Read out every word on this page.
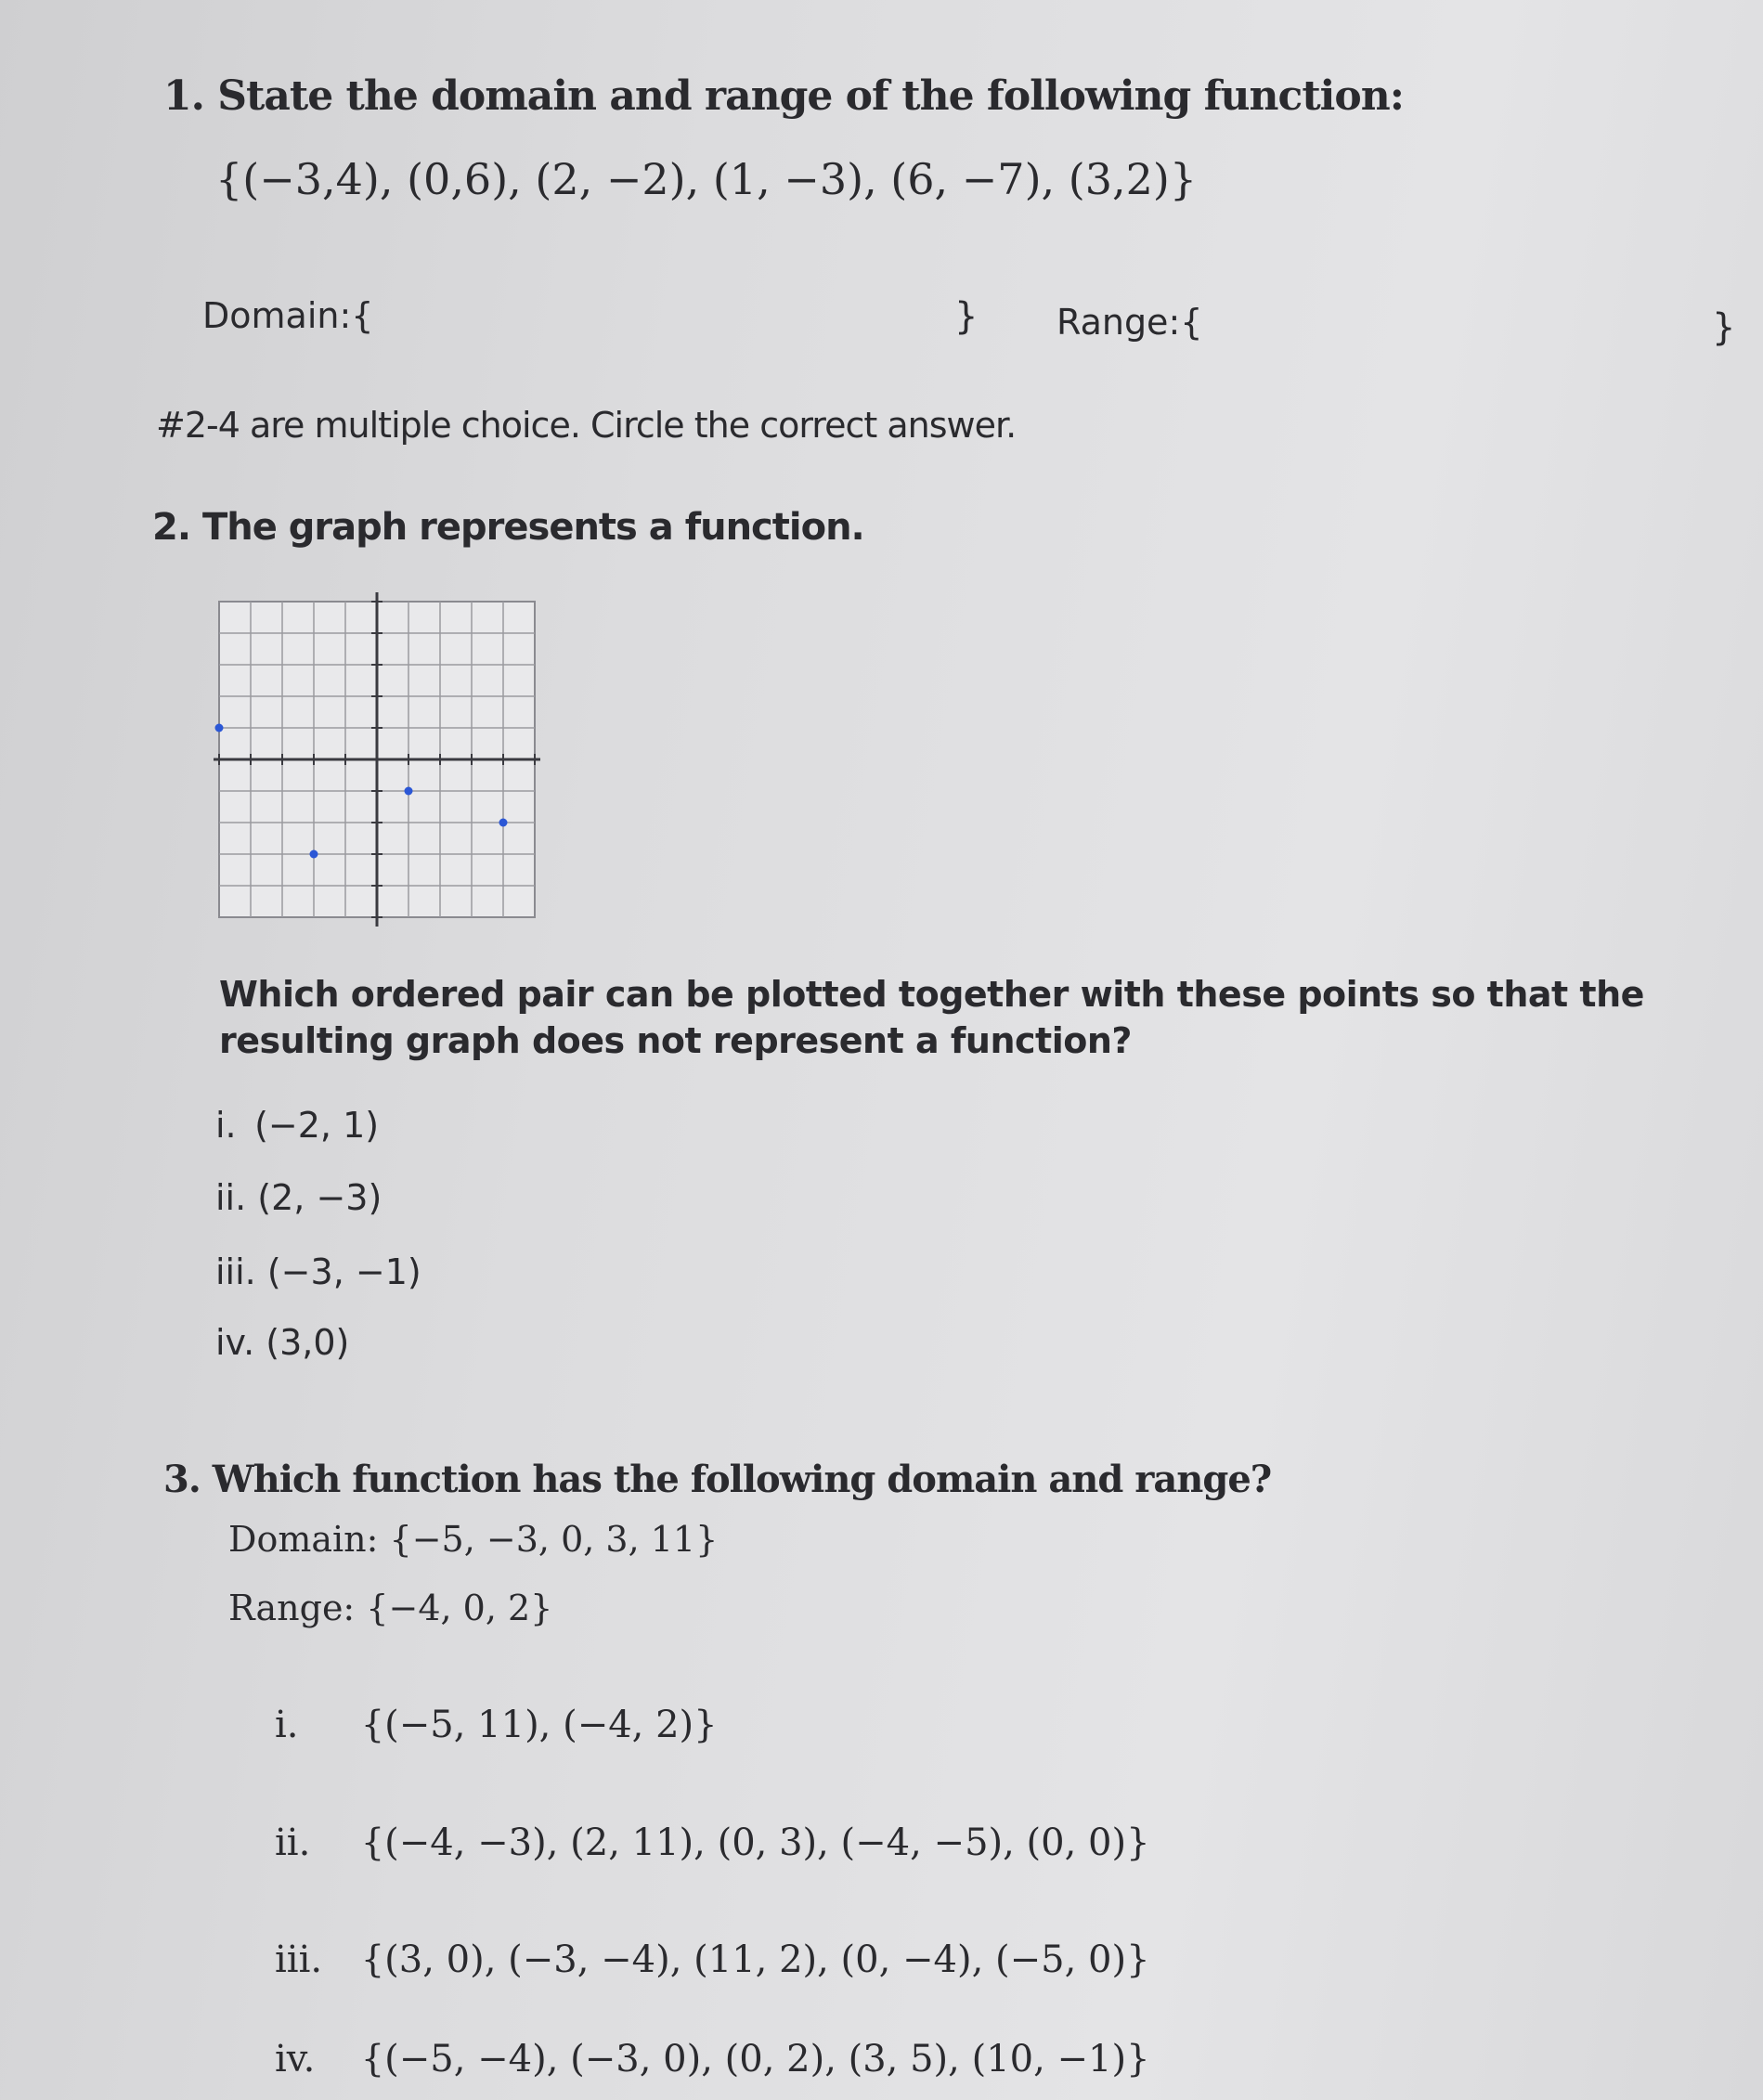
1. State the domain and range of the following function:
{(−3,4), (0,6), (2, −2), (1, −3), (6, −7), (3,2)}
Domain:{	} Range:{	}
#2-4 are multiple choice. Circle the correct answer.
2. The graph represents a function.
Which ordered pair can be plotted together with these points so that the resulting graph does not represent a function?
i. (−2, 1)
ii. (2, −3)
iii. (−3, −1)
iv. (3,0)
3. Which function has the following domain and range?
Domain: {−5, −3, 0, 3, 11}
Range: {−4, 0, 2}
i. {(−5, 11), (−4, 2)}
ii. {(−4, −3), (2, 11), (0, 3), (−4, −5), (0, 0)}
iii. {(3, 0), (−3, −4), (11, 2), (0, −4), (−5, 0)}
iv. {(−5, −4), (−3, 0), (0, 2), (3, 5), (10, −1)}
